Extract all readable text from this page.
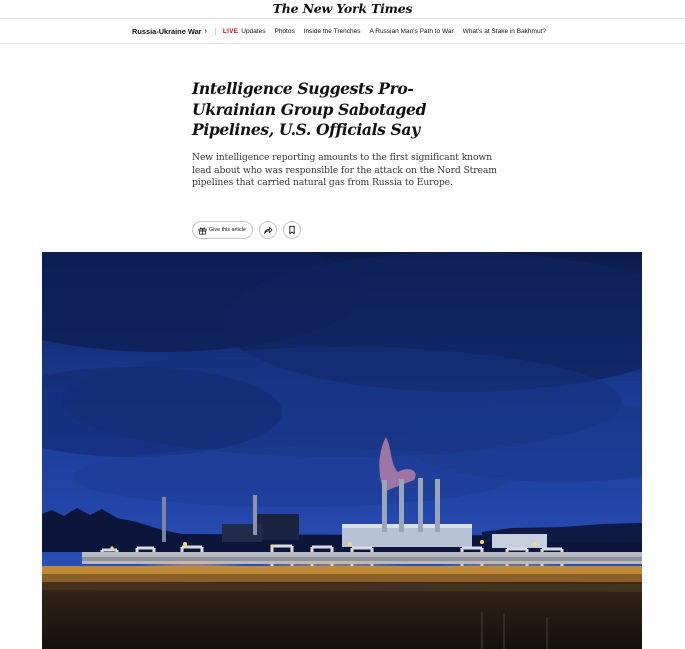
The New York Times
Russia-Ukraine War ›	LIVE Updates Photos Inside the Trenches A Russian Man’s Path to War What’s at Stake in Bakhmut?
Intelligence Suggests Pro-Ukrainian Group Sabotaged Pipelines, U.S. Officials Say

New intelligence reporting amounts to the first significant known lead about who was responsible for the attack on the Nord Stream pipelines that carried natural gas from Russia to Europe.

Give this article
